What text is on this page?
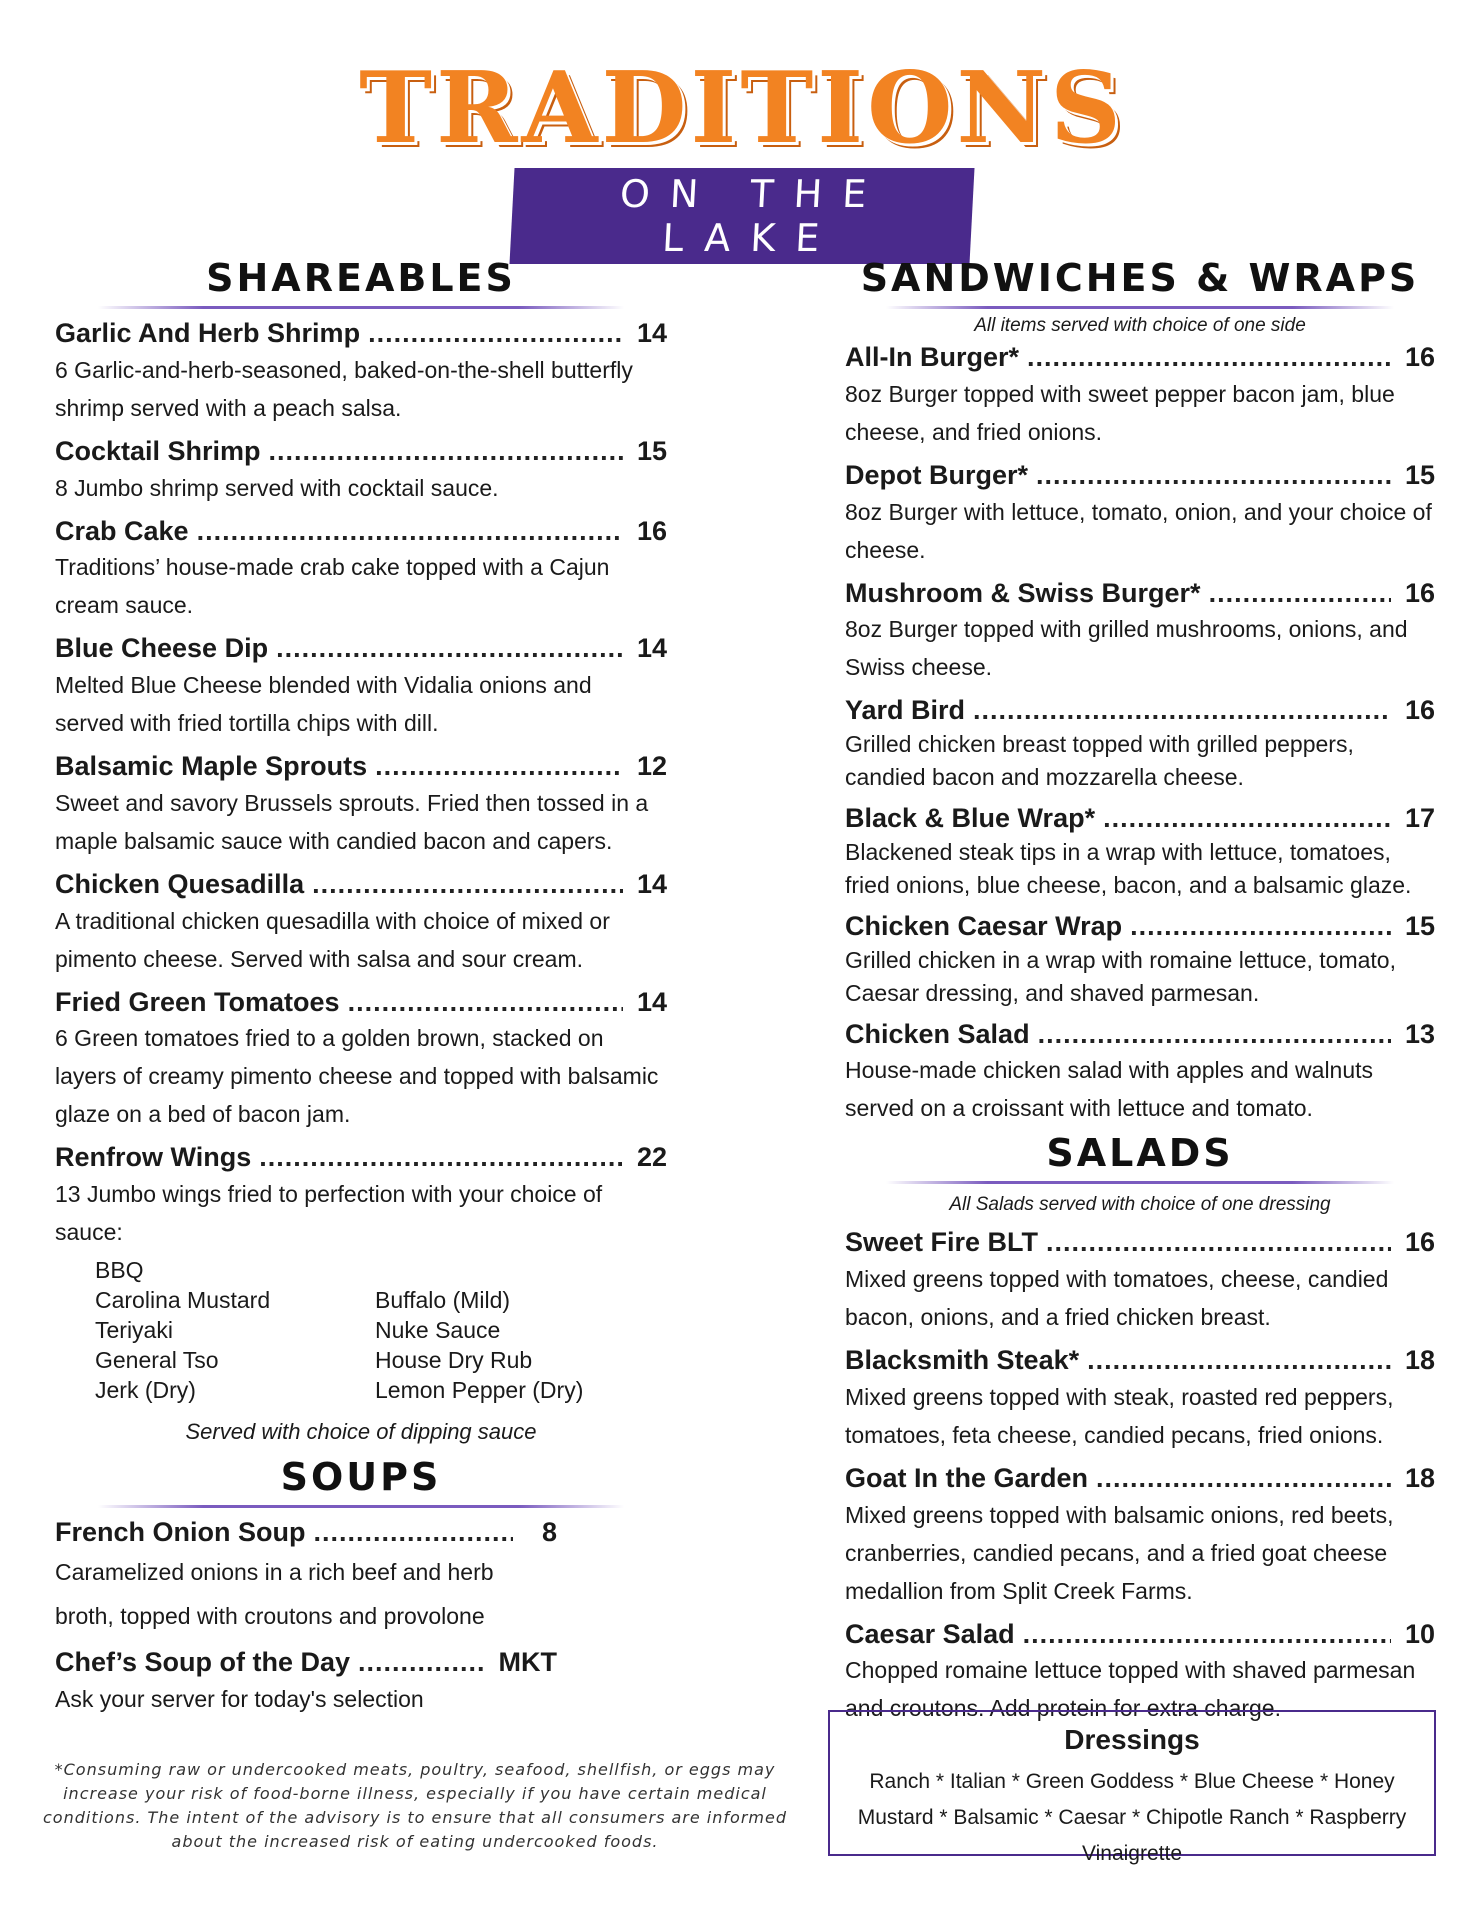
TRADITIONS
ON THE LAKE
SHAREABLES
Garlic And Herb Shrimp .....	14
6 Garlic-and-herb-seasoned, baked-on-the-shell butterfly shrimp served with a peach salsa.
Cocktail Shrimp .....	15
8 Jumbo shrimp served with cocktail sauce.
Crab Cake .....	16
Traditions’ house-made crab cake topped with a Cajun cream sauce.
Blue Cheese Dip .....	14
Melted Blue Cheese blended with Vidalia onions and served with fried tortilla chips with dill.
Balsamic Maple Sprouts .....	12
Sweet and savory Brussels sprouts. Fried then tossed in a maple balsamic sauce with candied bacon and capers.
Chicken Quesadilla .....	14
A traditional chicken quesadilla with choice of mixed or pimento cheese. Served with salsa and sour cream.
Fried Green Tomatoes .....	14
6 Green tomatoes fried to a golden brown, stacked on layers of creamy pimento cheese and topped with balsamic glaze on a bed of bacon jam.
Renfrow Wings .....	22
13 Jumbo wings fried to perfection with your choice of sauce:
BBQ
Carolina Mustard	Buffalo (Mild)
Teriyaki	Nuke Sauce
General Tso	House Dry Rub
Jerk (Dry)	Lemon Pepper (Dry)
Served with choice of dipping sauce
SOUPS
French Onion Soup .....	8
Caramelized onions in a rich beef and herb broth, topped with croutons and provolone
Chef’s Soup of the Day .....	MKT
Ask your server for today's selection
SANDWICHES & WRAPS
All items served with choice of one side
All-In Burger* .....	16
8oz Burger topped with sweet pepper bacon jam, blue cheese, and fried onions.
Depot Burger* .....	15
8oz Burger with lettuce, tomato, onion, and your choice of cheese.
Mushroom & Swiss Burger* .....	16
8oz Burger topped with grilled mushrooms, onions, and Swiss cheese.
Yard Bird .....	16
Grilled chicken breast topped with grilled peppers, candied bacon and mozzarella cheese.
Black & Blue Wrap* .....	17
Blackened steak tips in a wrap with lettuce, tomatoes, fried onions, blue cheese, bacon, and a balsamic glaze.
Chicken Caesar Wrap .....	15
Grilled chicken in a wrap with romaine lettuce, tomato, Caesar dressing, and shaved parmesan.
Chicken Salad .....	13
House-made chicken salad with apples and walnuts served on a croissant with lettuce and tomato.
SALADS
All Salads served with choice of one dressing
Sweet Fire BLT .....	16
Mixed greens topped with tomatoes, cheese, candied bacon, onions, and a fried chicken breast.
Blacksmith Steak* .....	18
Mixed greens topped with steak, roasted red peppers, tomatoes, feta cheese, candied pecans, fried onions.
Goat In the Garden .....	18
Mixed greens topped with balsamic onions, red beets, cranberries, candied pecans, and a fried goat cheese medallion from Split Creek Farms.
Caesar Salad .....	10
Chopped romaine lettuce topped with shaved parmesan and croutons. Add protein for extra charge.
*Consuming raw or undercooked meats, poultry, seafood, shellfish, or eggs may increase your risk of food-borne illness, especially if you have certain medical conditions. The intent of the advisory is to ensure that all consumers are informed about the increased risk of eating undercooked foods.
Dressings
Ranch * Italian * Green Goddess * Blue Cheese * Honey Mustard * Balsamic * Caesar * Chipotle Ranch * Raspberry Vinaigrette
